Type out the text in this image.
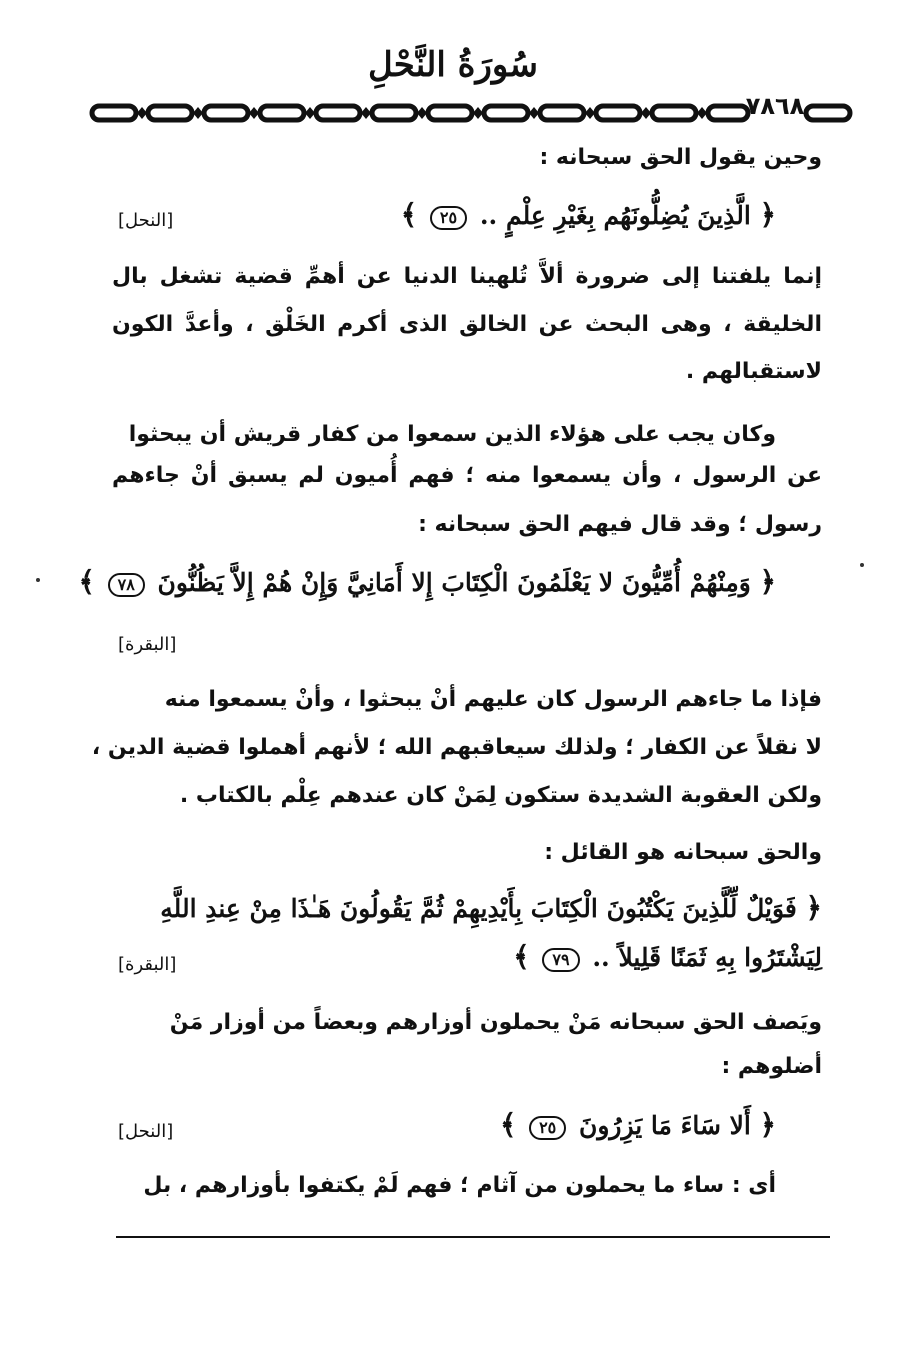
سُورَةُ النَّحْلِ
٧٨٦٨
وحين يقول الحق سبحانه :
﴿ الَّذِينَ يُضِلُّونَهُم بِغَيْرِ عِلْمٍ .. ٢٥ ﴾
[النحل]
إنما يلفتنا إلى ضرورة ألاَّ تُلهينا الدنيا عن أهمِّ قضية تشغل بال
الخليقة ، وهى البحث عن الخالق الذى أكرم الخَلْق ، وأعدَّ الكون
لاستقبالهم .
وكان يجب على هؤلاء الذين سمعوا من كفار قريش أن يبحثوا
عن الرسول ، وأن يسمعوا منه ؛ فهم أُميون لم يسبق أنْ جاءهم
رسول ؛ وقد قال فيهم الحق سبحانه :
﴿ وَمِنْهُمْ أُمِّيُّونَ لا يَعْلَمُونَ الْكِتَابَ إِلا أَمَانِيَّ وَإِنْ هُمْ إِلاَّ يَظُنُّونَ ٧٨ ﴾
[البقرة]
فإذا ما جاءهم الرسول كان عليهم أنْ يبحثوا ، وأنْ يسمعوا منه
لا نقلاً عن الكفار ؛ ولذلك سيعاقبهم الله ؛ لأنهم أهملوا قضية الدين ،
ولكن العقوبة الشديدة ستكون لِمَنْ كان عندهم عِلْم بالكتاب .
والحق سبحانه هو القائل :
﴿ فَوَيْلٌ لِّلَّذِينَ يَكْتُبُونَ الْكِتَابَ بِأَيْدِيهِمْ ثُمَّ يَقُولُونَ هَـٰذَا مِنْ عِندِ اللَّهِ
لِيَشْتَرُوا بِهِ ثَمَنًا قَلِيلاً .. ٧٩ ﴾
[البقرة]
ويَصف الحق سبحانه مَنْ يحملون أوزارهم وبعضاً من أوزار مَنْ
أضلوهم :
﴿ أَلا سَاءَ مَا يَزِرُونَ ٢٥ ﴾
[النحل]
أى : ساء ما يحملون من آثام ؛ فهم لَمْ يكتفوا بأوزارهم ، بل
